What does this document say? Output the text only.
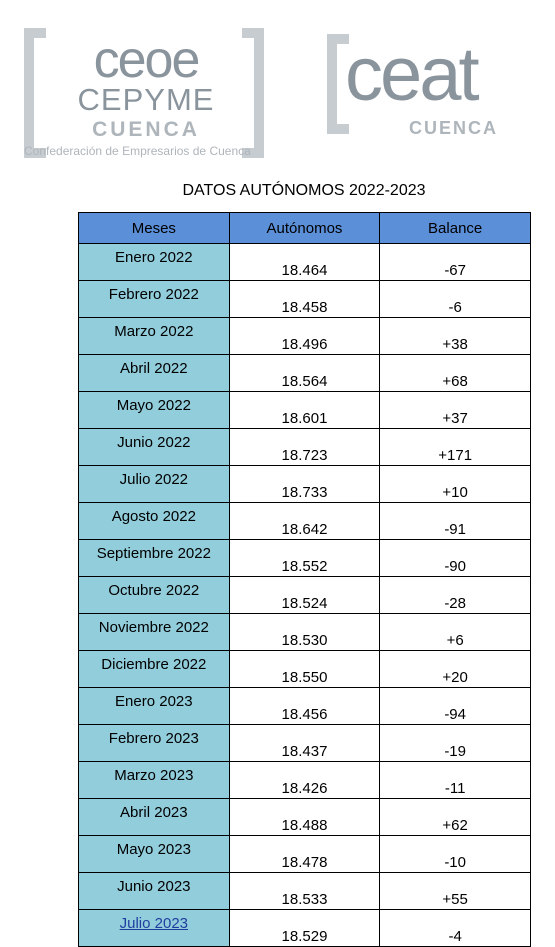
ceoe
CEPYME
CUENCA
Confederación de Empresarios de Cuenca
ceat
CUENCA
DATOS AUTÓNOMOS 2022-2023
Meses	Autónomos	Balance
Enero 2022	18.464	-67
Febrero 2022	18.458	-6
Marzo 2022	18.496	+38
Abril 2022	18.564	+68
Mayo 2022	18.601	+37
Junio 2022	18.723	+171
Julio 2022	18.733	+10
Agosto 2022	18.642	-91
Septiembre 2022	18.552	-90
Octubre 2022	18.524	-28
Noviembre 2022	18.530	+6
Diciembre 2022	18.550	+20
Enero 2023	18.456	-94
Febrero 2023	18.437	-19
Marzo 2023	18.426	-11
Abril 2023	18.488	+62
Mayo 2023	18.478	-10
Junio 2023	18.533	+55
Julio 2023	18.529	-4
